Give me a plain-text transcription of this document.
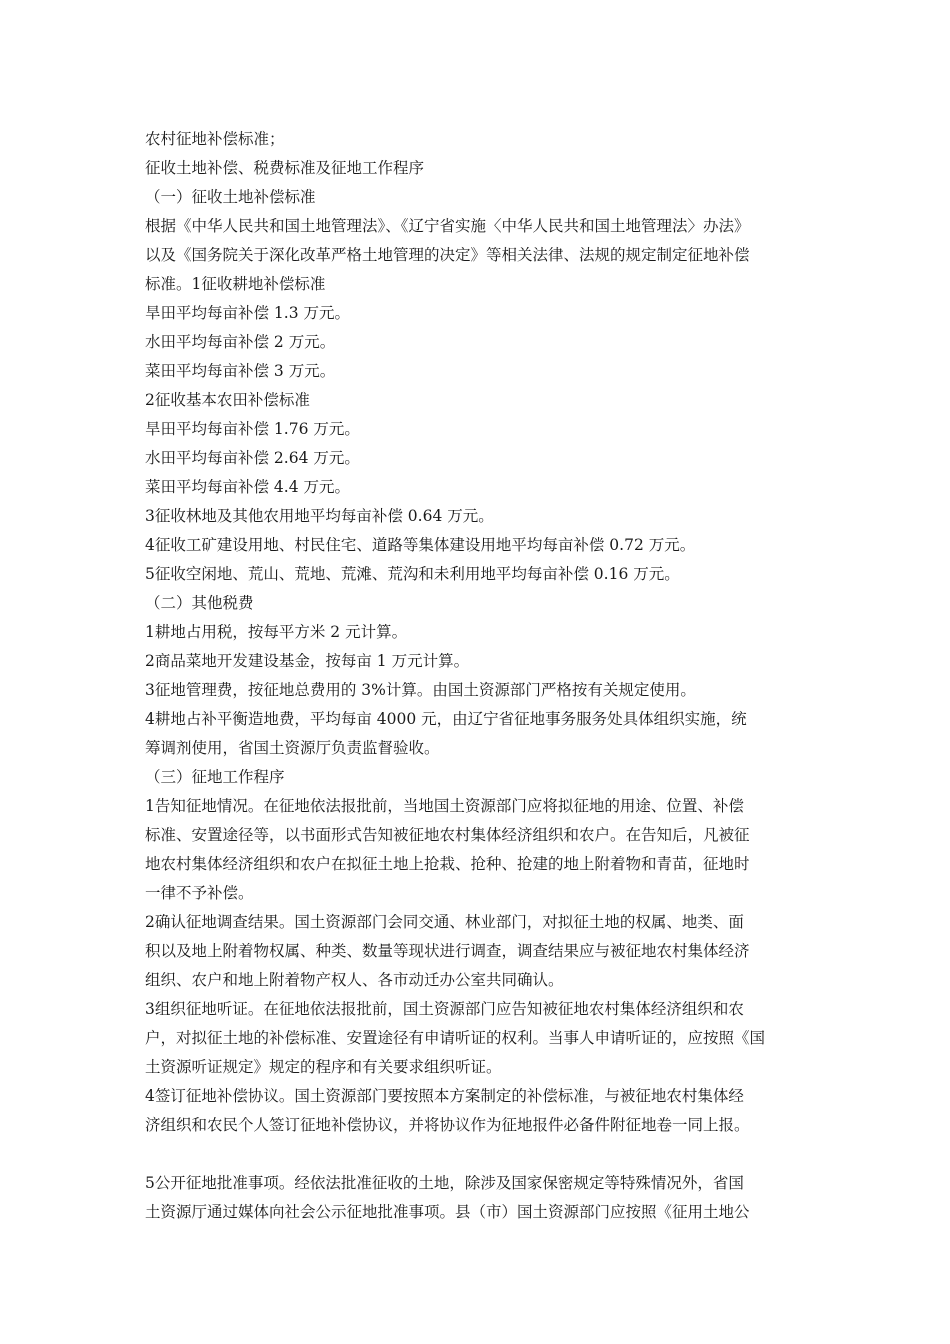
农村征地补偿标准；
征收土地补偿、税费标准及征地工作程序
（一）征收土地补偿标准
根据《中华人民共和国土地管理法》、《辽宁省实施〈中华人民共和国土地管理法〉办法》
以及《国务院关于深化改革严格土地管理的决定》等相关法律、法规的规定制定征地补偿
标准。1征收耕地补偿标准
旱田平均每亩补偿 1.3 万元。
水田平均每亩补偿 2 万元。
菜田平均每亩补偿 3 万元。
2征收基本农田补偿标准
旱田平均每亩补偿 1.76 万元。
水田平均每亩补偿 2.64 万元。
菜田平均每亩补偿 4.4 万元。
3征收林地及其他农用地平均每亩补偿 0.64 万元。
4征收工矿建设用地、村民住宅、道路等集体建设用地平均每亩补偿 0.72 万元。
5征收空闲地、荒山、荒地、荒滩、荒沟和未利用地平均每亩补偿 0.16 万元。
（二）其他税费
1耕地占用税，按每平方米 2 元计算。
2商品菜地开发建设基金，按每亩 1 万元计算。
3征地管理费，按征地总费用的 3%计算。由国土资源部门严格按有关规定使用。
4耕地占补平衡造地费，平均每亩 4000 元，由辽宁省征地事务服务处具体组织实施，统
筹调剂使用，省国土资源厅负责监督验收。
（三）征地工作程序
1告知征地情况。在征地依法报批前，当地国土资源部门应将拟征地的用途、位置、补偿
标准、安置途径等，以书面形式告知被征地农村集体经济组织和农户。在告知后，凡被征
地农村集体经济组织和农户在拟征土地上抢栽、抢种、抢建的地上附着物和青苗，征地时
一律不予补偿。
2确认征地调查结果。国土资源部门会同交通、林业部门，对拟征土地的权属、地类、面
积以及地上附着物权属、种类、数量等现状进行调查，调查结果应与被征地农村集体经济
组织、农户和地上附着物产权人、各市动迁办公室共同确认。
3组织征地听证。在征地依法报批前，国土资源部门应告知被征地农村集体经济组织和农
户，对拟征土地的补偿标准、安置途径有申请听证的权利。当事人申请听证的，应按照《国
土资源听证规定》规定的程序和有关要求组织听证。
4签订征地补偿协议。国土资源部门要按照本方案制定的补偿标准，与被征地农村集体经
济组织和农民个人签订征地补偿协议，并将协议作为征地报件必备件附征地卷一同上报。
5公开征地批准事项。经依法批准征收的土地，除涉及国家保密规定等特殊情况外，省国
土资源厅通过媒体向社会公示征地批准事项。县（市）国土资源部门应按照《征用土地公
